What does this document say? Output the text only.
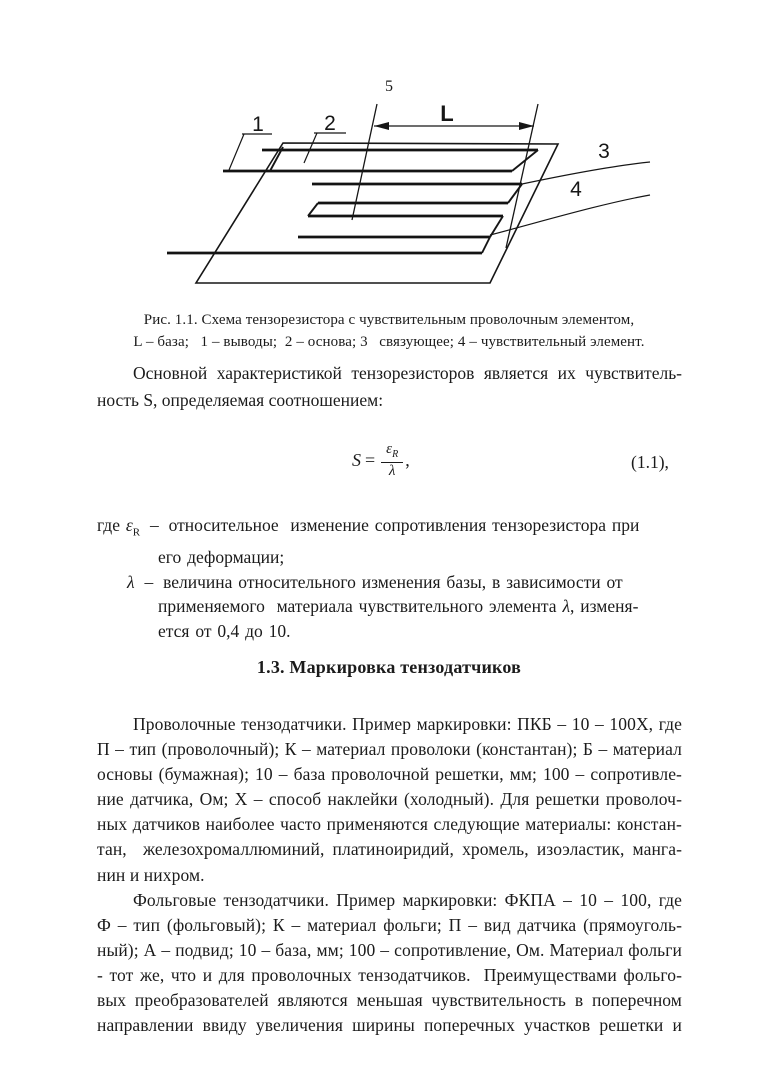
5
1	2	L
3
4
Рис. 1.1. Схема тензорезистора с чувствительным проволочным элементом,
L – база;   1 – выводы;  2 – основа; 3   связующее; 4 – чувствительный элемент.
Основной характеристикой тензорезисторов является их чувствитель-
ность S, определяемая соотношением:
$S = \frac{\varepsilon_R}{\lambda}$ ,	(1.1),
где $\varepsilon_R$ – относительное  изменение сопротивления тензорезистора при
его деформации;
λ – величина относительного изменения базы, в зависимости от
применяемого  материала чувствительного элемента λ, изменя-
ется от 0,4 до 10.
1.3. Маркировка тензодатчиков
Проволочные тензодатчики. Пример маркировки: ПКБ – 10 – 100Х, где
П – тип (проволочный); К – материал проволоки (константан); Б – материал
основы (бумажная); 10 – база проволочной решетки, мм; 100 – сопротивле-
ние датчика, Ом; Х – способ наклейки (холодный). Для решетки проволоч-
ных датчиков наиболее часто применяются следующие материалы: констан-
тан,  железохромаллюминий, платиноиридий, хромель, изоэластик, манга-
нин и нихром.
Фольговые тензодатчики. Пример маркировки: ФКПА – 10 – 100, где
Ф – тип (фольговый); К – материал фольги; П – вид датчика (прямоуголь-
ный); А – подвид; 10 – база, мм; 100 – сопротивление, Ом. Материал фольги
- тот же, что и для проволочных тензодатчиков.  Преимуществами фольго-
вых преобразователей являются меньшая чувствительность в поперечном
направлении ввиду увеличения ширины поперечных участков решетки и
